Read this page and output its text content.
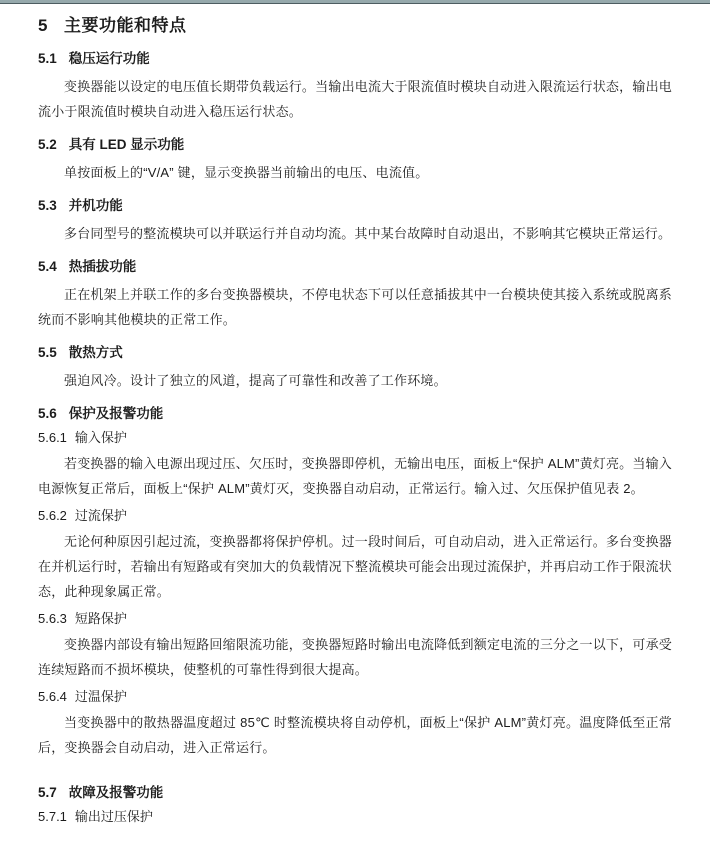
5 主要功能和特点
5.1 稳压运行功能

变换器能以设定的电压值长期带负载运行。当输出电流大于限流值时模块自动进入限流运行状态，输出电流小于限流值时模块自动进入稳压运行状态。

5.2 具有 LED 显示功能

单按面板上的“V/A” 键，显示变换器当前输出的电压、电流值。

5.3 并机功能

多台同型号的整流模块可以并联运行并自动均流。其中某台故障时自动退出，不影响其它模块正常运行。

5.4 热插拔功能

正在机架上并联工作的多台变换器模块，不停电状态下可以任意插拔其中一台模块使其接入系统或脱离系统而不影响其他模块的正常工作。

5.5 散热方式

强迫风冷。设计了独立的风道，提高了可靠性和改善了工作环境。

5.6 保护及报警功能
5.6.1 输入保护

若变换器的输入电源出现过压、欠压时，变换器即停机，无输出电压，面板上“保护 ALM”黄灯亮。当输入电源恢复正常后，面板上“保护 ALM”黄灯灭，变换器自动启动，正常运行。输入过、欠压保护值见表 2。

5.6.2 过流保护

无论何种原因引起过流，变换器都将保护停机。过一段时间后，可自动启动，进入正常运行。多台变换器在并机运行时，若输出有短路或有突加大的负载情况下整流模块可能会出现过流保护，并再启动工作于限流状态，此种现象属正常。

5.6.3 短路保护

变换器内部设有输出短路回缩限流功能，变换器短路时输出电流降低到额定电流的三分之一以下，可承受连续短路而不损坏模块，使整机的可靠性得到很大提高。

5.6.4 过温保护

当变换器中的散热器温度超过 85℃ 时整流模块将自动停机，面板上“保护 ALM”黄灯亮。温度降低至正常后，变换器会自动启动，进入正常运行。

5.7 故障及报警功能
5.7.1 输出过压保护
